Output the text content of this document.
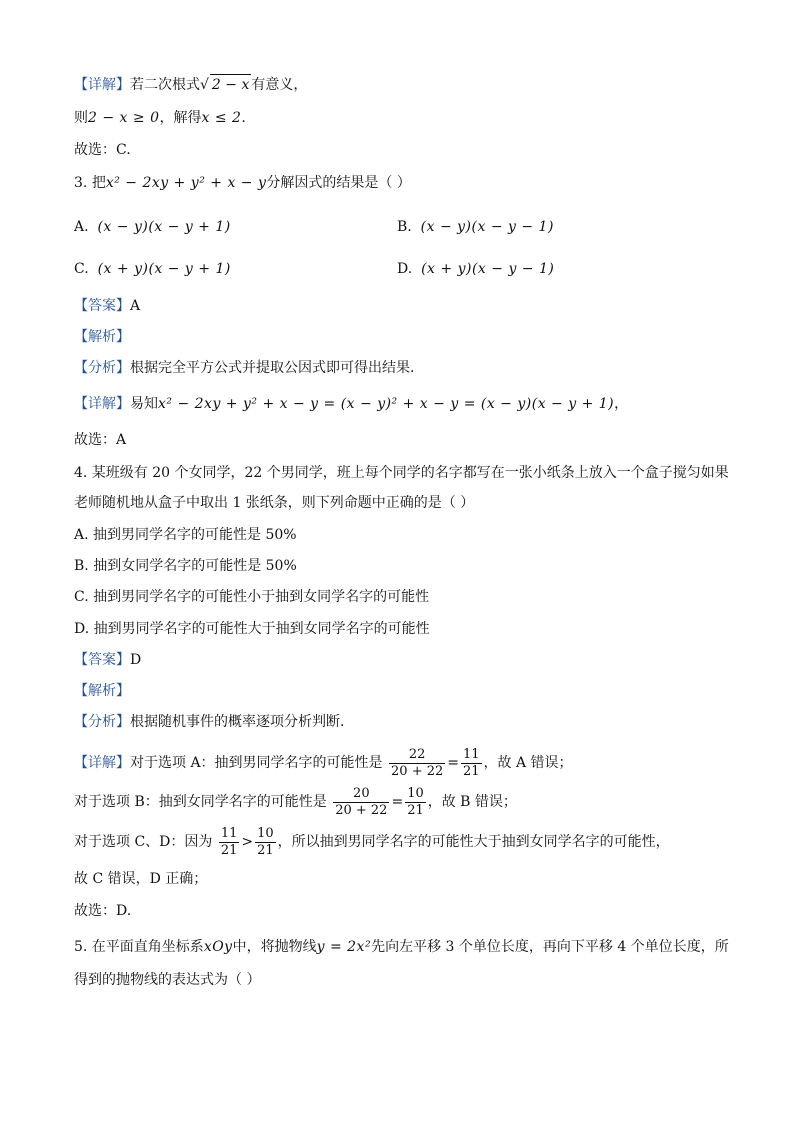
【详解】若二次根式√ 2 − x 有意义，
则2 − x ≥ 0，解得x ≤ 2.
故选：C.
3. 把x² − 2xy + y² + x − y分解因式的结果是（ ）
A. (x − y)(x − y + 1)	B. (x − y)(x − y − 1)
C. (x + y)(x − y + 1)	D. (x + y)(x − y − 1)
【答案】A
【解析】
【分析】根据完全平方公式并提取公因式即可得出结果.
【详解】易知x² − 2xy + y² + x − y = (x − y)² + x − y = (x − y)(x − y + 1)，
故选：A
4. 某班级有 20 个女同学，22 个男同学，班上每个同学的名字都写在一张小纸条上放入一个盒子搅匀如果
老师随机地从盒子中取出 1 张纸条，则下列命题中正确的是（ ）
A. 抽到男同学名字的可能性是 50%
B. 抽到女同学名字的可能性是 50%
C. 抽到男同学名字的可能性小于抽到女同学名字的可能性
D. 抽到男同学名字的可能性大于抽到女同学名字的可能性
【答案】D
【解析】
【分析】根据随机事件的概率逐项分析判断.
【详解】对于选项 A：抽到男同学名字的可能性是 $\frac{22}{20 + 22} = \frac{11}{21}$ ，故 A 错误；
对于选项 B：抽到女同学名字的可能性是 $\frac{20}{20 + 22} = \frac{10}{21}$ ，故 B 错误；
对于选项 C、D：因为 $\frac{11}{21} > \frac{10}{21}$ ，所以抽到男同学名字的可能性大于抽到女同学名字的可能性，
故 C 错误，D 正确；
故选：D.
5. 在平面直角坐标系xOy中，将抛物线y = 2x²先向左平移 3 个单位长度，再向下平移 4 个单位长度，所
得到的抛物线的表达式为（ ）
